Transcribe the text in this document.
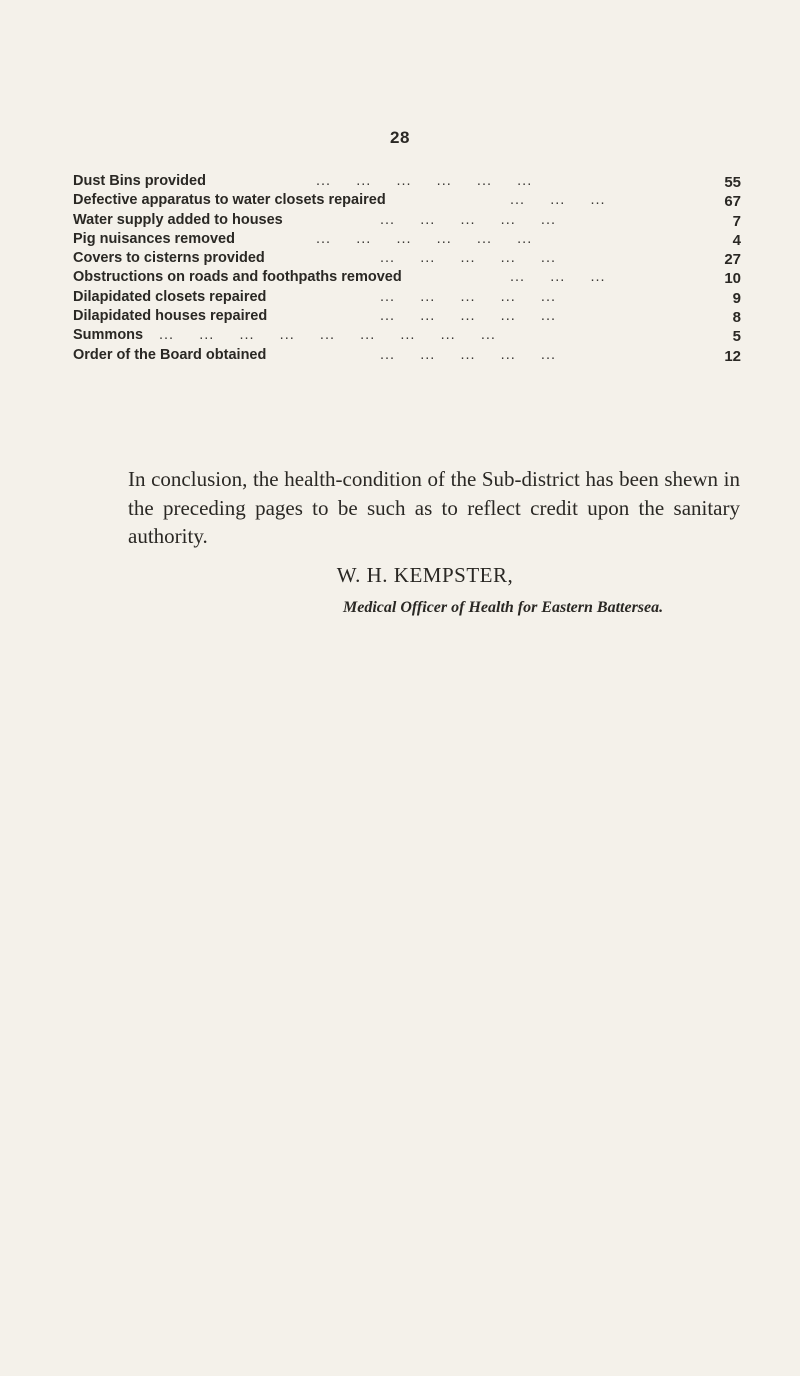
28
Dust Bins provided	...     ...     ...     ...     ...     ...	55
Defective apparatus to water closets repaired	...     ...     ...	67
Water supply added to houses	...     ...     ...     ...     ...	7
Pig nuisances removed	...     ...     ...     ...     ...     ...	4
Covers to cisterns provided	...     ...     ...     ...     ...	27
Obstructions on roads and foothpaths removed	...     ...     ...	10
Dilapidated closets repaired	...     ...     ...     ...     ...	9
Dilapidated houses repaired	...     ...     ...     ...     ...	8
Summons ...     ...     ...     ...     ...     ...     ...     ...     ...	5
Order of the Board obtained	...     ...     ...     ...     ...	12

In conclusion, the health-condition of the Sub-district has been shewn in the preceding pages to be such as to reflect credit upon the sanitary authority.

W. H. KEMPSTER,
Medical Officer of Health for Eastern Battersea.
